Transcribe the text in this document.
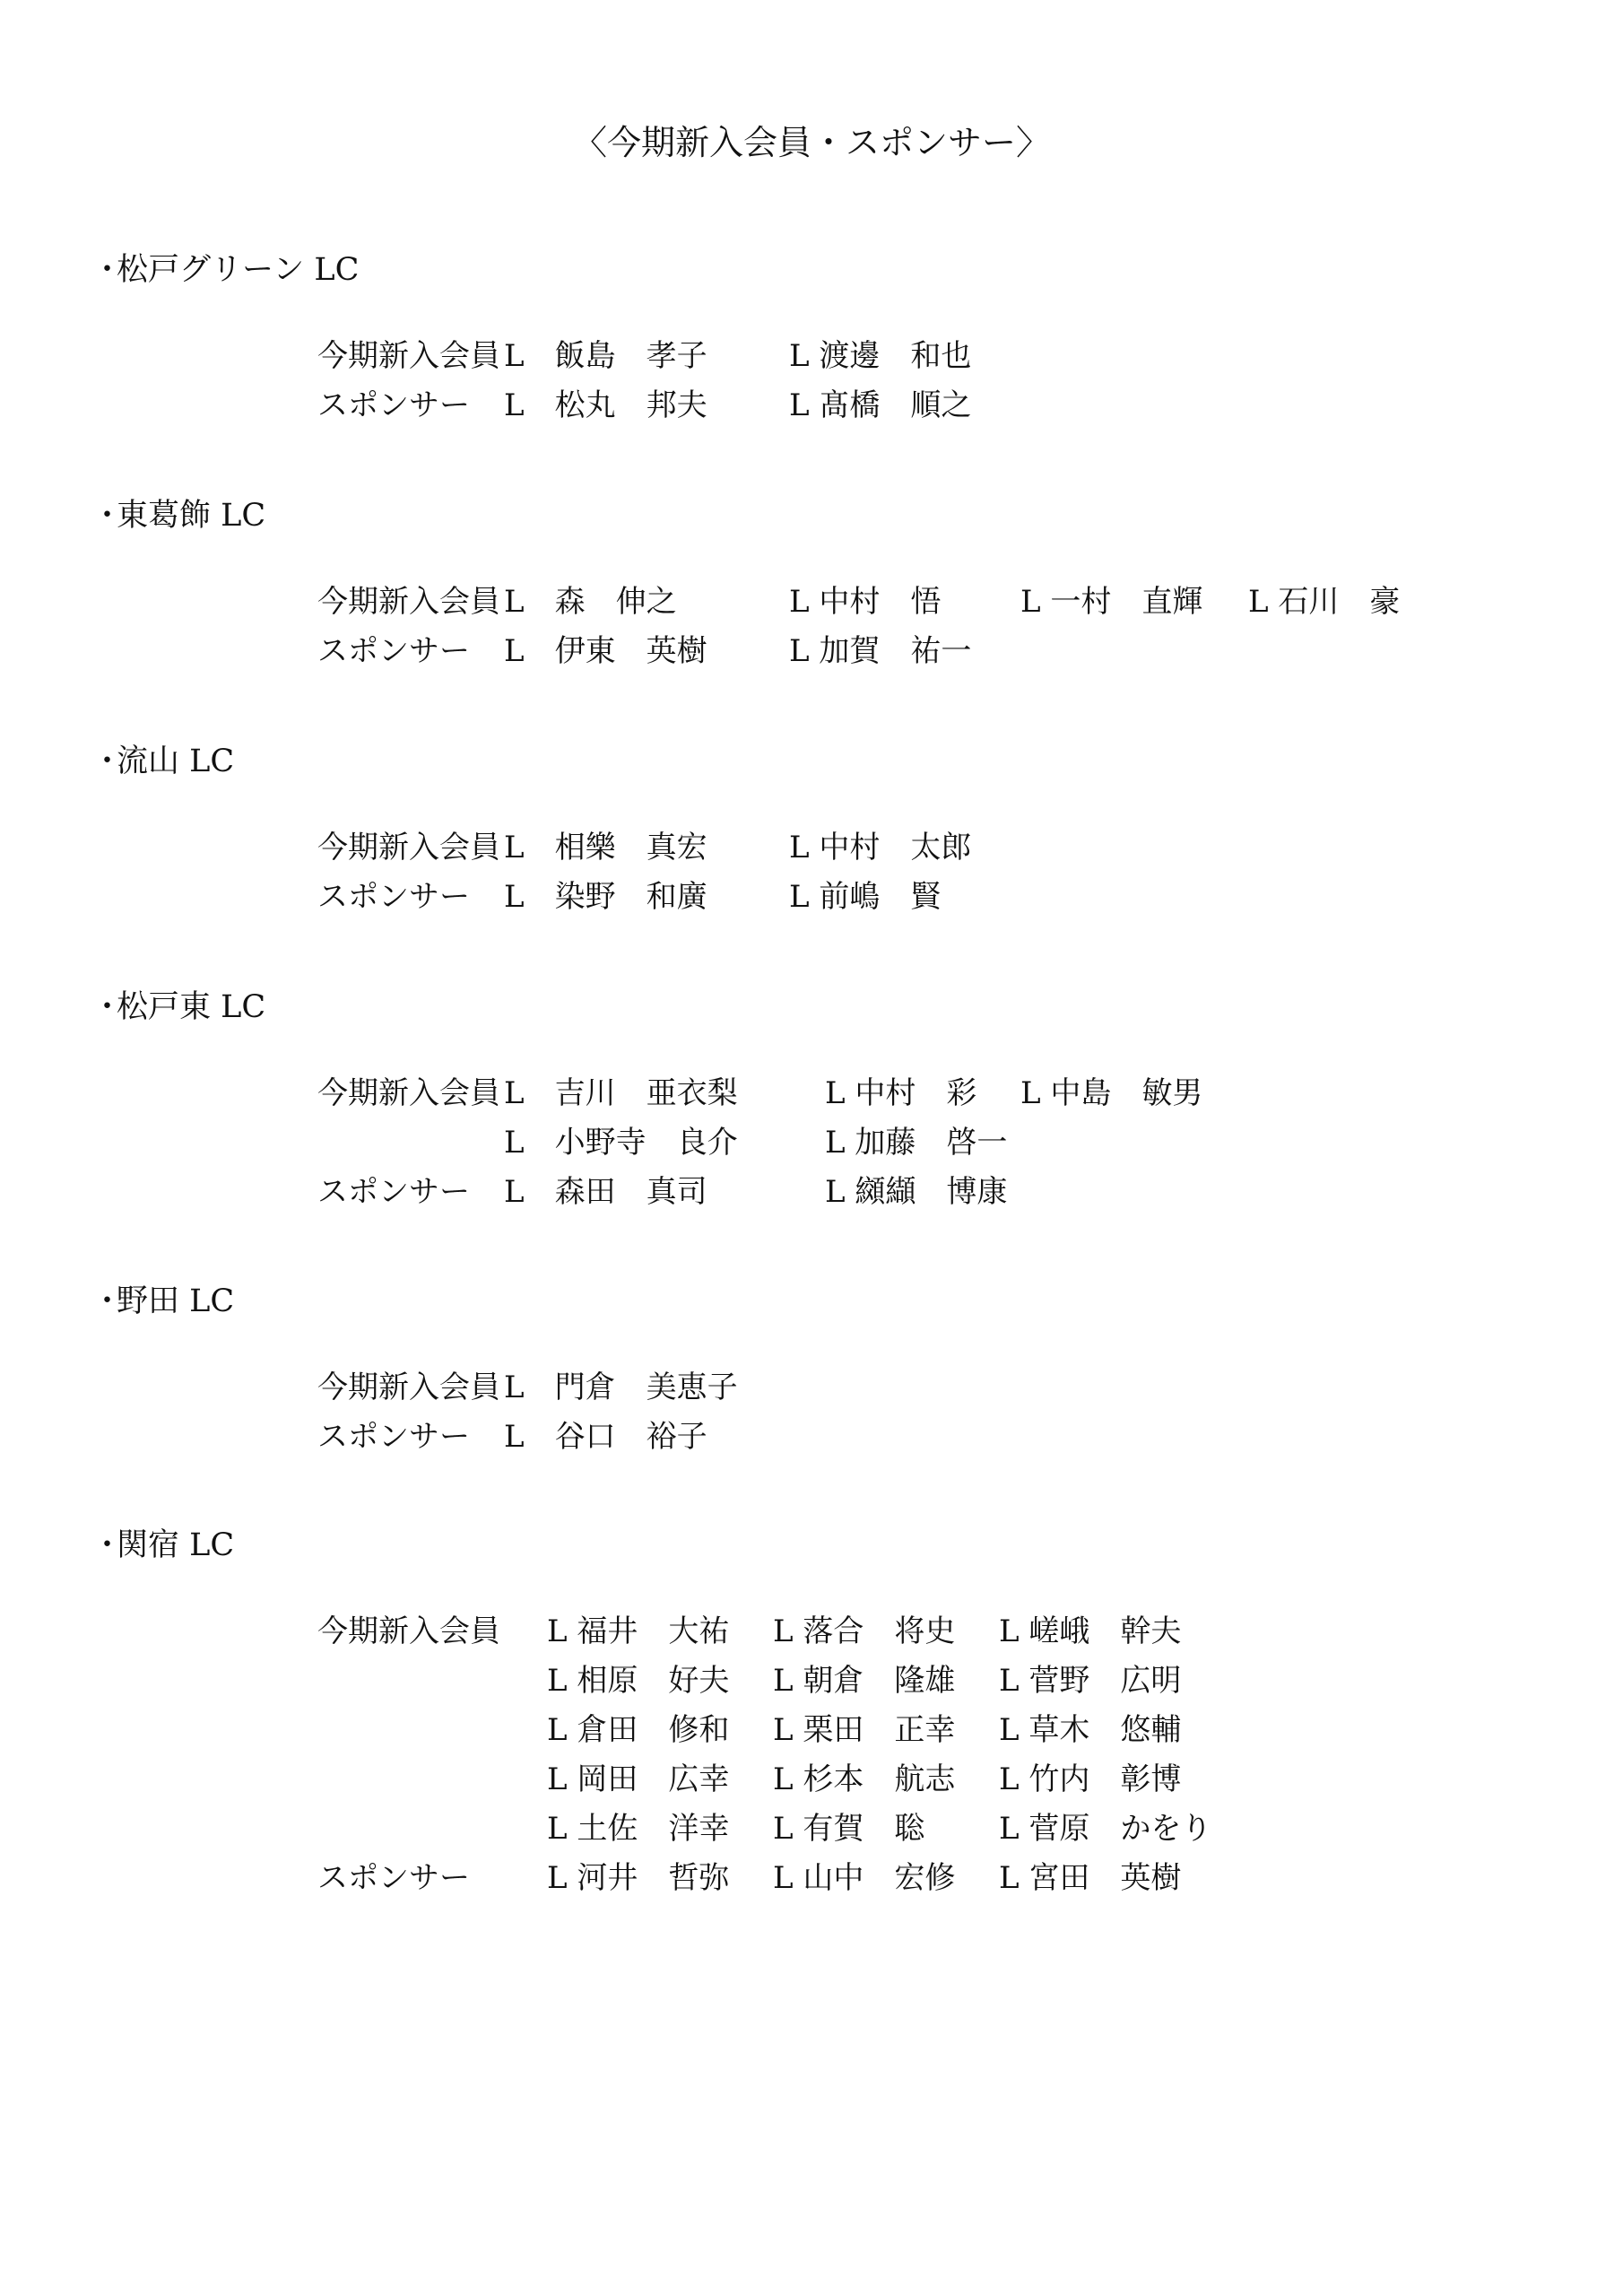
〈今期新入会員・スポンサー〉
・松戸グリーン LC
今期新入会員 L　飯島　孝子	L 渡邊　和也
スポンサー L　松丸　邦夫	L 髙橋　順之
・東葛飾 LC
今期新入会員 L　森　伸之	L 中村　悟	L 一村　直輝 L 石川　豪
スポンサー L　伊東　英樹	L 加賀　祐一
・流山 LC
今期新入会員 L　相樂　真宏	L 中村　太郎
スポンサー L　染野　和廣	L 前嶋　賢
・松戸東 LC
今期新入会員 L　吉川　亜衣梨	L 中村　彩 L 中島　敏男
L　小野寺　良介	L 加藤　啓一
スポンサー L　森田　真司	L 纐纈　博康
・野田 LC
今期新入会員 L　門倉　美恵子
スポンサー L　谷口　裕子
・関宿 LC
今期新入会員 L 福井　大祐 L 落合　将史 L 嵯峨　幹夫
L 相原　好夫 L 朝倉　隆雄 L 菅野　広明
L 倉田　修和 L 栗田　正幸 L 草木　悠輔
L 岡田　広幸 L 杉本　航志 L 竹内　彰博
L 土佐　洋幸 L 有賀　聡 L 菅原　かをり
スポンサー	L 河井　哲弥 L 山中　宏修 L 宮田　英樹
